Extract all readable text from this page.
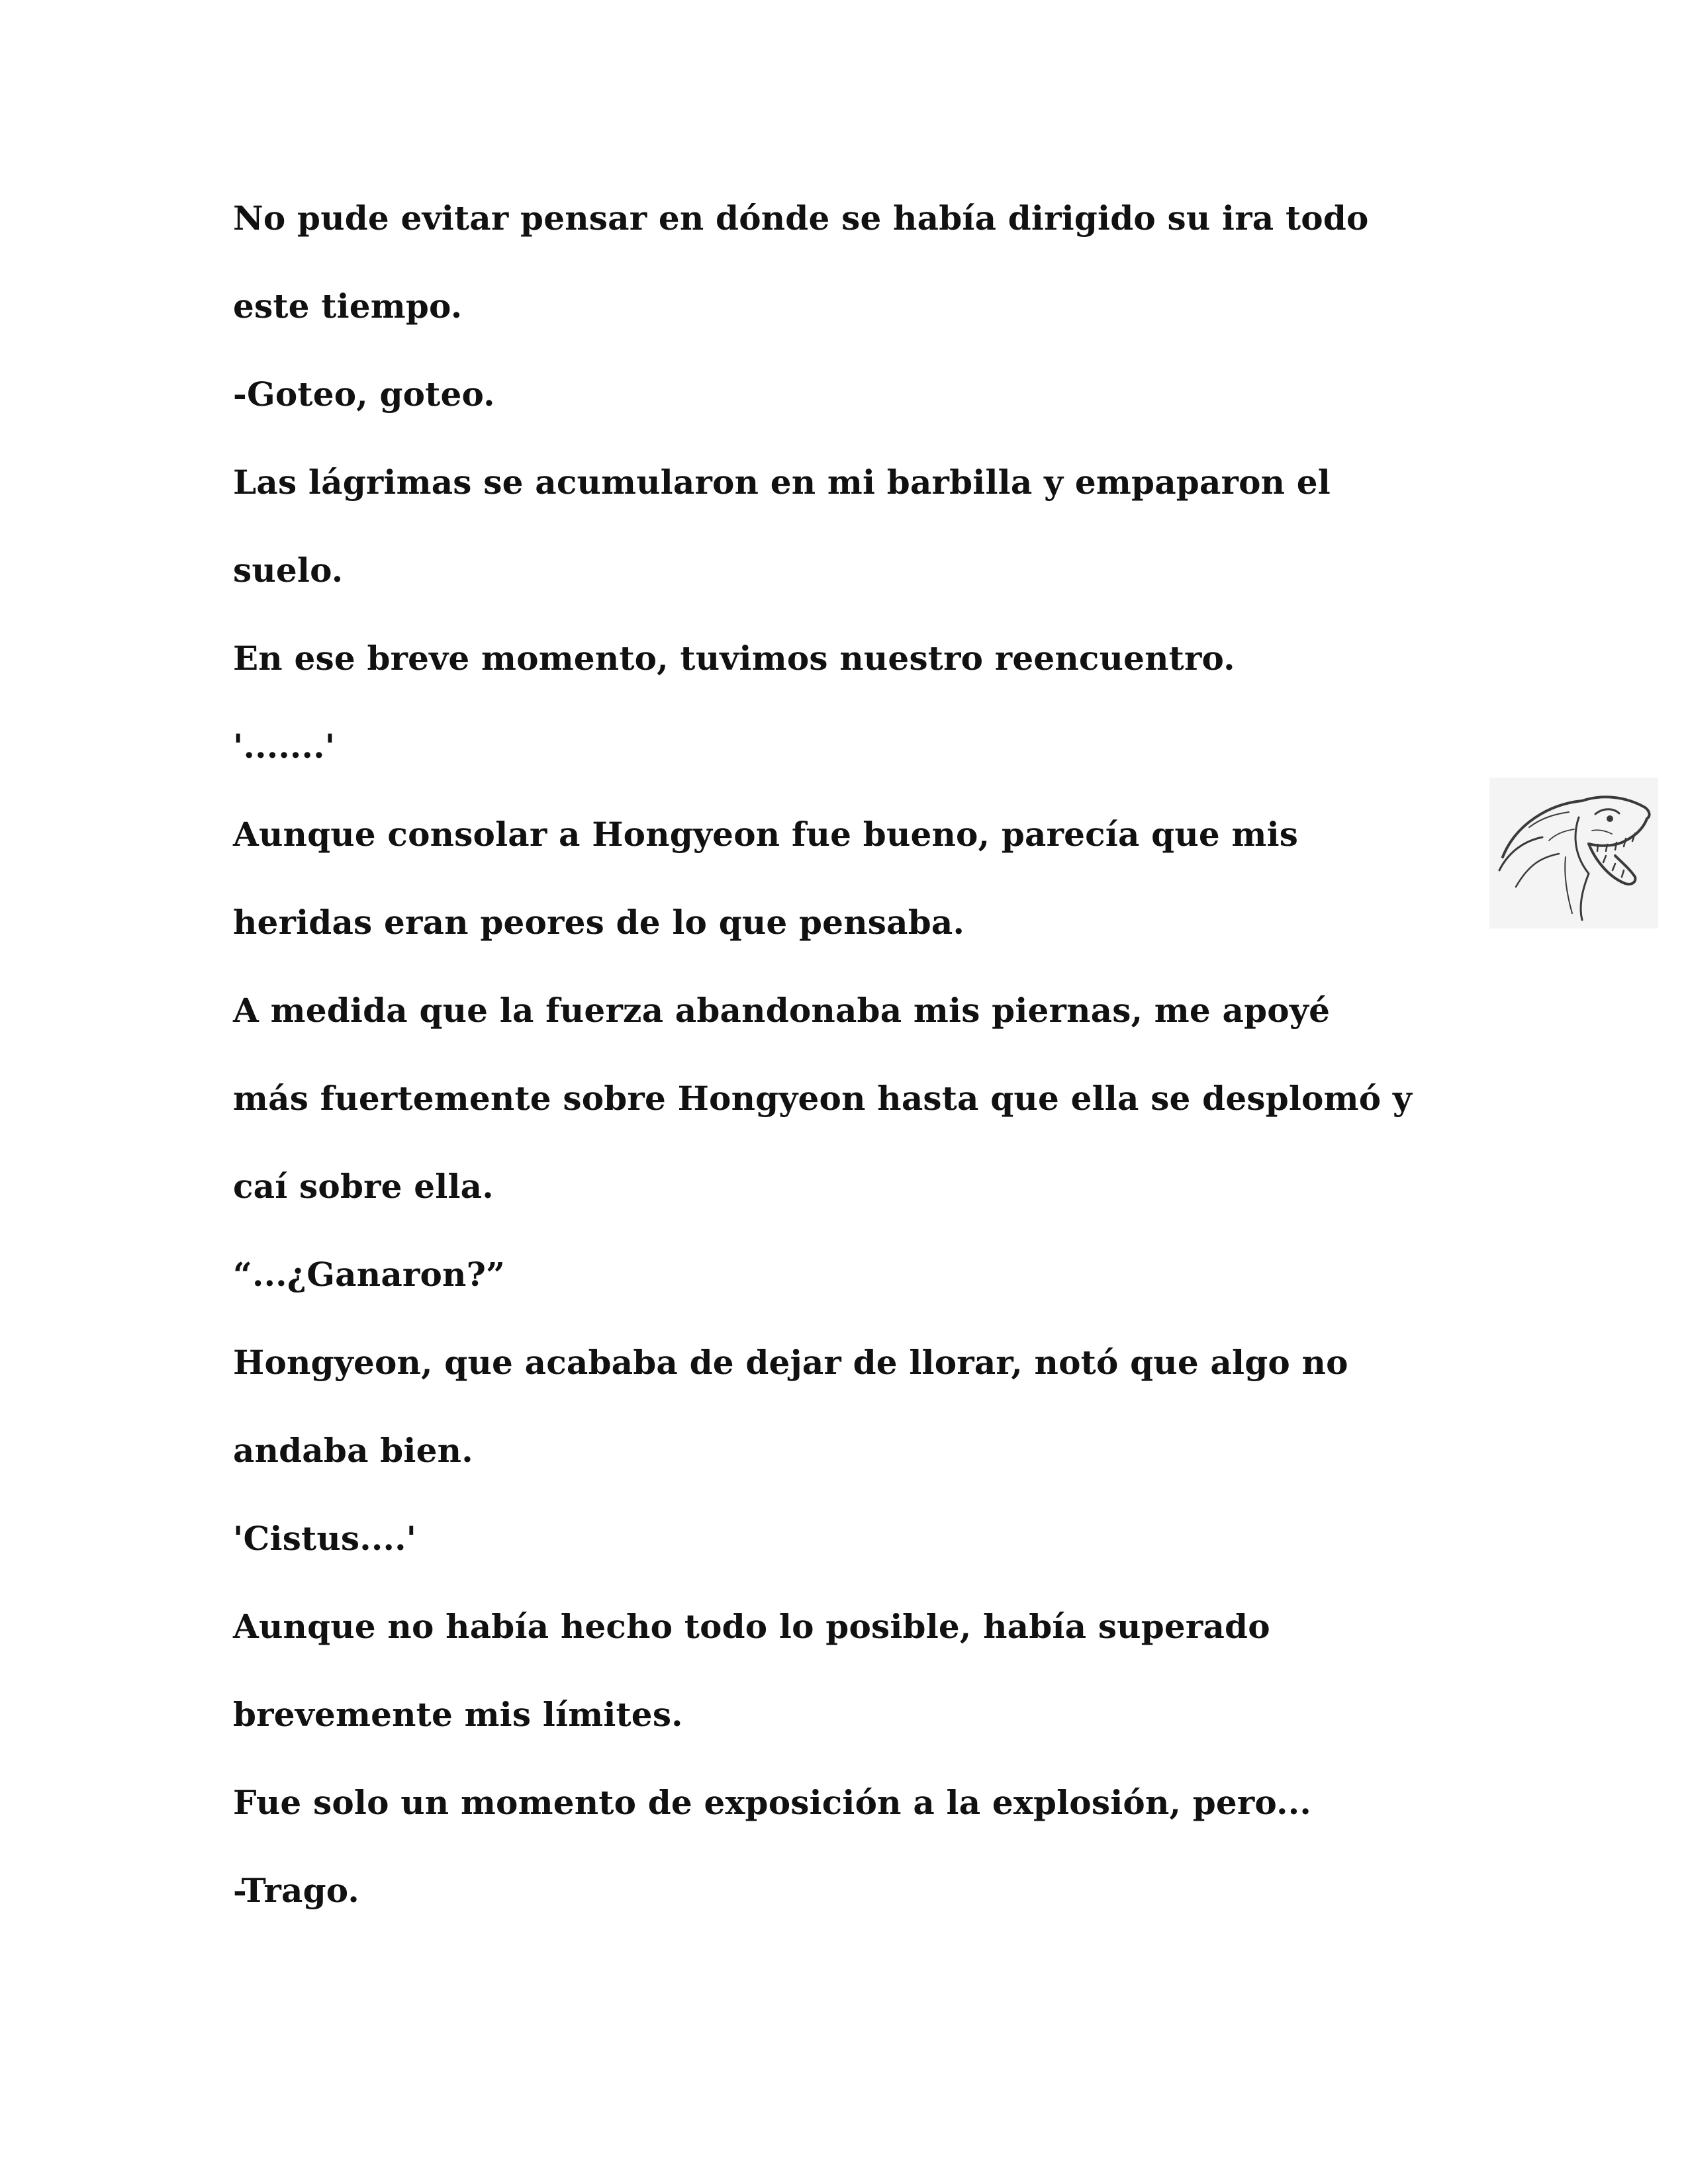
No pude evitar pensar en dónde se había dirigido su ira todo
este tiempo.
-Goteo, goteo.
Las lágrimas se acumularon en mi barbilla y empaparon el
suelo.
En ese breve momento, tuvimos nuestro reencuentro.
'.......'
Aunque consolar a Hongyeon fue bueno, parecía que mis
heridas eran peores de lo que pensaba.
A medida que la fuerza abandonaba mis piernas, me apoyé
más fuertemente sobre Hongyeon hasta que ella se desplomó y
caí sobre ella.
“...¿Ganaron?”
Hongyeon, que acababa de dejar de llorar, notó que algo no
andaba bien.
'Cistus....'
Aunque no había hecho todo lo posible, había superado
brevemente mis límites.
Fue solo un momento de exposición a la explosión, pero...
-Trago.
